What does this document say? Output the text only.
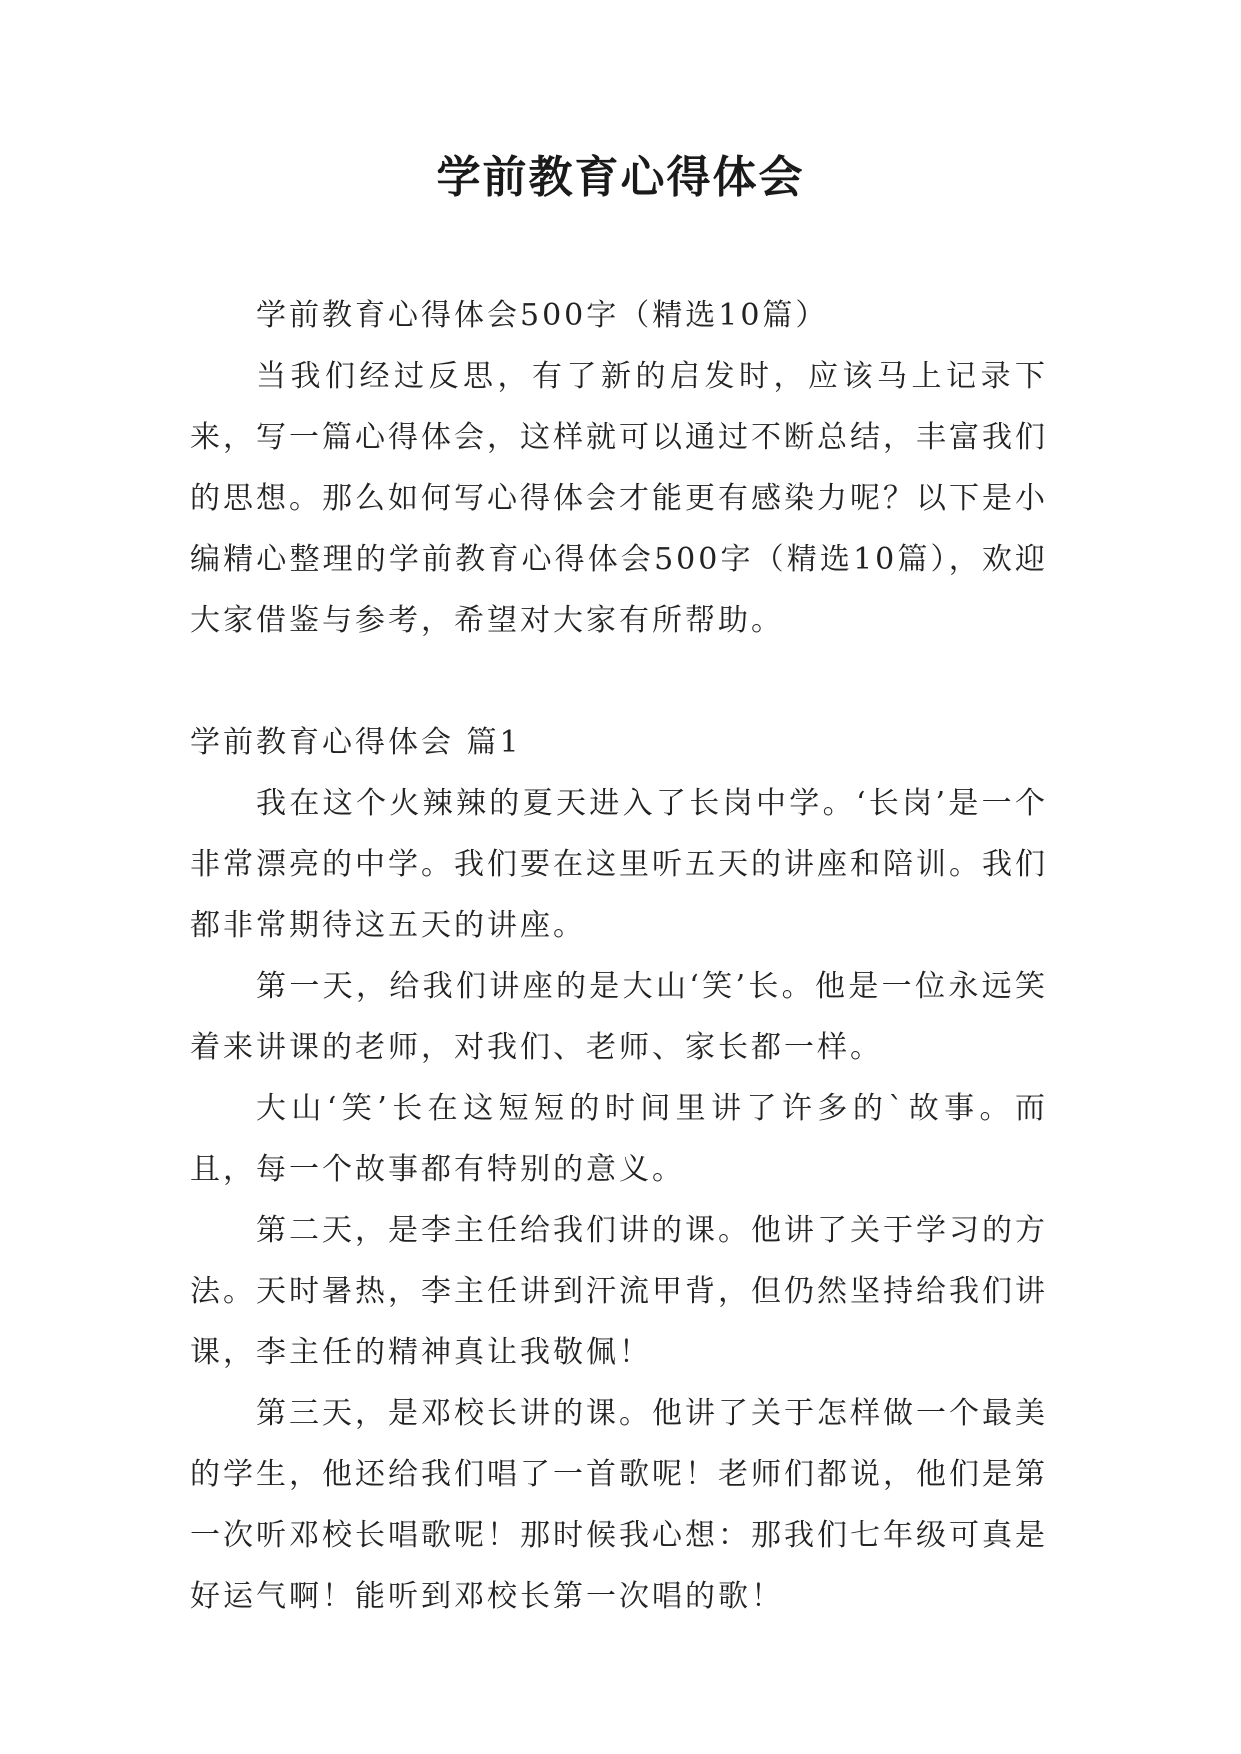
学前教育心得体会

学前教育心得体会500字（精选10篇）

当我们经过反思，有了新的启发时，应该马上记录下来，写一篇心得体会，这样就可以通过不断总结，丰富我们的思想。那么如何写心得体会才能更有感染力呢？以下是小编精心整理的学前教育心得体会500字（精选10篇），欢迎大家借鉴与参考，希望对大家有所帮助。

学前教育心得体会 篇1

我在这个火辣辣的夏天进入了长岗中学。‘长岗’是一个非常漂亮的中学。我们要在这里听五天的讲座和陪训。我们都非常期待这五天的讲座。

第一天，给我们讲座的是大山‘笑’长。他是一位永远笑着来讲课的老师，对我们、老师、家长都一样。

大山‘笑’长在这短短的时间里讲了许多的`故事。而且，每一个故事都有特别的意义。

第二天，是李主任给我们讲的课。他讲了关于学习的方法。天时暑热，李主任讲到汗流甲背，但仍然坚持给我们讲课，李主任的精神真让我敬佩！

第三天，是邓校长讲的课。他讲了关于怎样做一个最美的学生，他还给我们唱了一首歌呢！老师们都说，他们是第一次听邓校长唱歌呢！那时候我心想：那我们七年级可真是好运气啊！能听到邓校长第一次唱的歌！
